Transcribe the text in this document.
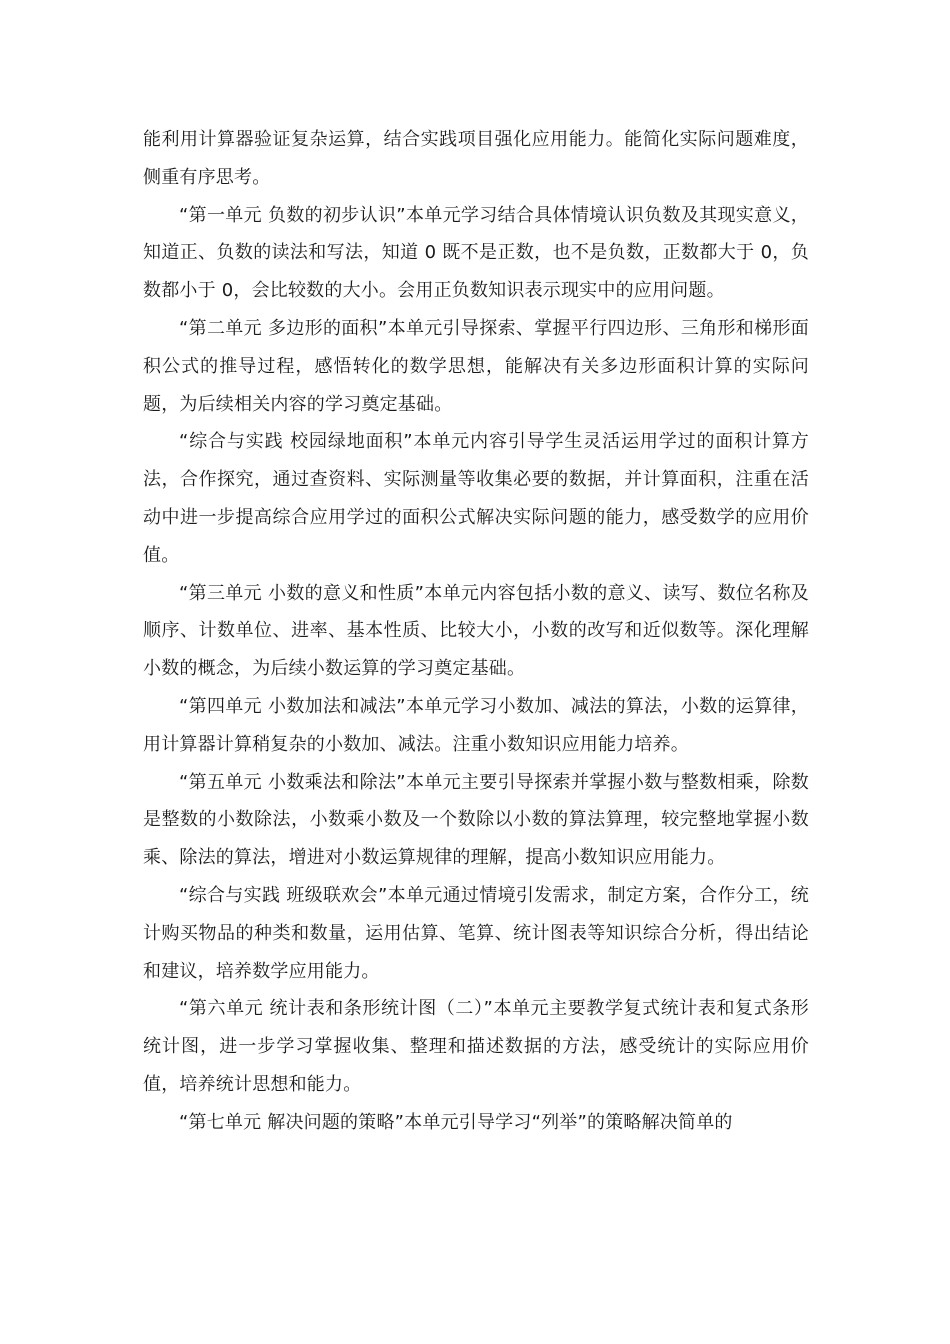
能利用计算器验证复杂运算，结合实践项目强化应用能力。能简化实际问题难度，侧重有序思考。

“第一单元 负数的初步认识”本单元学习结合具体情境认识负数及其现实意义，知道正、负数的读法和写法，知道 0 既不是正数，也不是负数，正数都大于 0，负数都小于 0，会比较数的大小。会用正负数知识表示现实中的应用问题。

“第二单元 多边形的面积”本单元引导探索、掌握平行四边形、三角形和梯形面积公式的推导过程，感悟转化的数学思想，能解决有关多边形面积计算的实际问题，为后续相关内容的学习奠定基础。

“综合与实践 校园绿地面积”本单元内容引导学生灵活运用学过的面积计算方法，合作探究，通过查资料、实际测量等收集必要的数据，并计算面积，注重在活动中进一步提高综合应用学过的面积公式解决实际问题的能力，感受数学的应用价值。

“第三单元 小数的意义和性质”本单元内容包括小数的意义、读写、数位名称及顺序、计数单位、进率、基本性质、比较大小，小数的改写和近似数等。深化理解小数的概念，为后续小数运算的学习奠定基础。

“第四单元 小数加法和减法”本单元学习小数加、减法的算法，小数的运算律，用计算器计算稍复杂的小数加、减法。注重小数知识应用能力培养。

“第五单元 小数乘法和除法”本单元主要引导探索并掌握小数与整数相乘，除数是整数的小数除法，小数乘小数及一个数除以小数的算法算理，较完整地掌握小数乘、除法的算法，增进对小数运算规律的理解，提高小数知识应用能力。

“综合与实践 班级联欢会”本单元通过情境引发需求，制定方案，合作分工，统计购买物品的种类和数量，运用估算、笔算、统计图表等知识综合分析，得出结论和建议，培养数学应用能力。

“第六单元 统计表和条形统计图（二）”本单元主要教学复式统计表和复式条形统计图，进一步学习掌握收集、整理和描述数据的方法，感受统计的实际应用价值，培养统计思想和能力。

“第七单元 解决问题的策略”本单元引导学习“列举”的策略解决简单的
